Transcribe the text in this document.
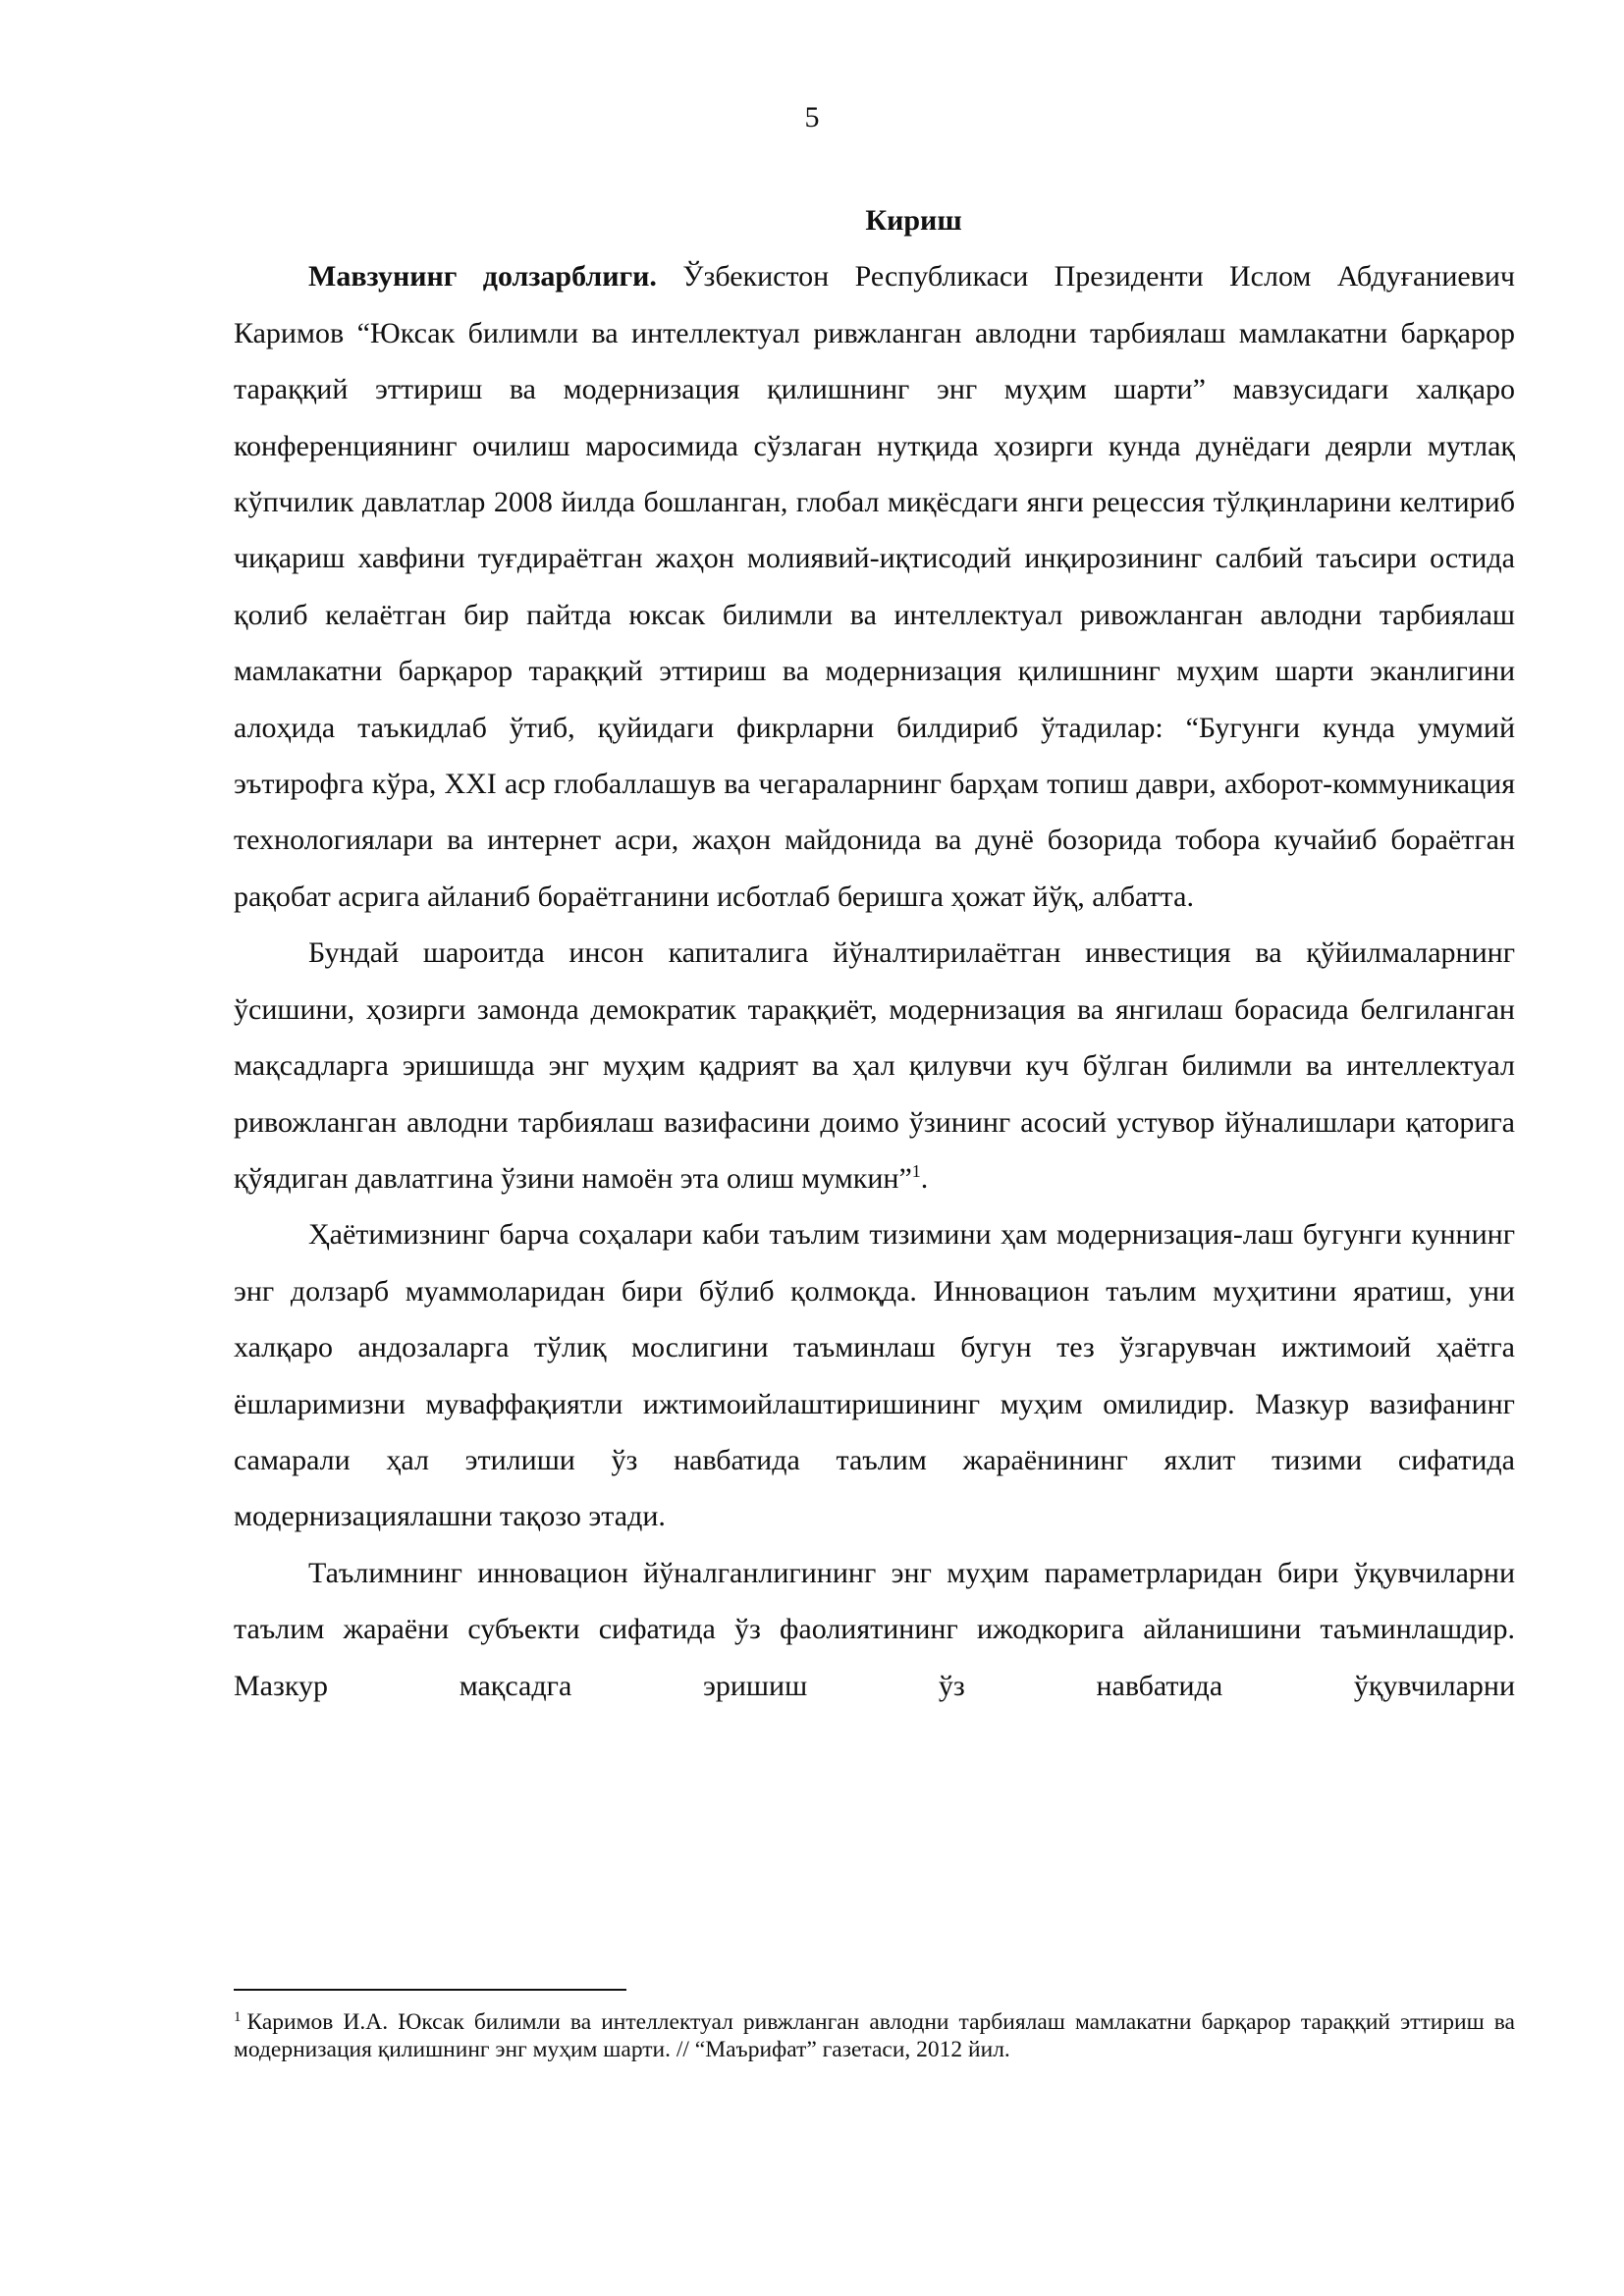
5

Кириш

Мавзунинг долзарблиги. Ўзбекистон Республикаси Президенти Ислом Абдуғаниевич Каримов “Юксак билимли ва интеллектуал ривжланган авлодни тарбиялаш мамлакатни барқарор тараққий эттириш ва модернизация қилишнинг энг муҳим шарти” мавзусидаги халқаро конференциянинг очилиш маросимида сўзлаган нутқида ҳозирги кунда дунёдаги деярли мутлақ кўпчилик давлатлар 2008 йилда бошланган, глобал миқёсдаги янги рецессия тўлқинларини келтириб чиқариш хавфини туғдираётган жаҳон молиявий-иқтисодий инқирозининг салбий таъсири остида қолиб келаётган бир пайтда юксак билимли ва интеллектуал ривожланган авлодни тарбиялаш мамлакатни барқарор тараққий эттириш ва модернизация қилишнинг муҳим шарти эканлигини алоҳида таъкидлаб ўтиб, қуйидаги фикрларни билдириб ўтадилар: “Бугунги кунда умумий эътирофга кўра, XXI аср глобаллашув ва чегараларнинг барҳам топиш даври, ахборот-коммуникация технологиялари ва интернет асри, жаҳон майдонида ва дунё бозорида тобора кучайиб бораётган рақобат асрига айланиб бораётганини исботлаб беришга ҳожат йўқ, албатта.

Бундай шароитда инсон капиталига йўналтирилаётган инвестиция ва қўйилмаларнинг ўсишини, ҳозирги замонда демократик тараққиёт, модернизация ва янгилаш борасида белгиланган мақсадларга эришишда энг муҳим қадрият ва ҳал қилувчи куч бўлган билимли ва интеллектуал ривожланган авлодни тарбиялаш вазифасини доимо ўзининг асосий устувор йўналишлари қаторига қўядиган давлатгина ўзини намоён эта олиш мумкин”$^1$.

Ҳаётимизнинг барча соҳалари каби таълим тизимини ҳам модернизация-лаш бугунги куннинг энг долзарб муаммоларидан бири бўлиб қолмоқда. Инновацион таълим муҳитини яратиш, уни халқаро андозаларга тўлиқ мослигини таъминлаш бугун тез ўзгарувчан ижтимоий ҳаётга ёшларимизни муваффақиятли ижтимоийлаштиришининг муҳим омилидир. Мазкур вазифанинг самарали ҳал этилиши ўз навбатида таълим жараёнининг яхлит тизими сифатида модернизациялашни тақозо этади.

Таълимнинг инновацион йўналганлигининг энг муҳим параметрларидан бири ўқувчиларни таълим жараёни субъекти сифатида ўз фаолиятининг ижодкорига айланишини таъминлашдир. Мазкур мақсадга эришиш ўз навбатида ўқувчиларни

$^1$ Каримов И.А. Юксак билимли ва интеллектуал ривжланган авлодни тарбиялаш мамлакатни барқарор тараққий эттириш ва модернизация қилишнинг энг муҳим шарти. // “Маърифат” газетаси, 2012 йил.
